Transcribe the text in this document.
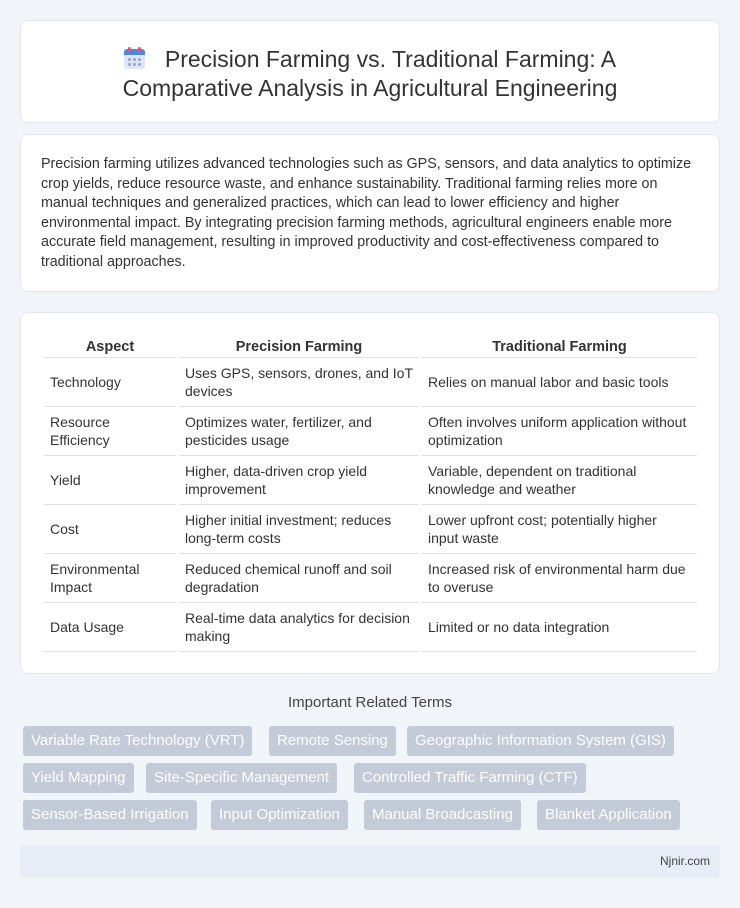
Precision Farming vs. Traditional Farming: A
Comparative Analysis in Agricultural Engineering

Precision farming utilizes advanced technologies such as GPS, sensors, and data analytics to optimize crop yields, reduce resource waste, and enhance sustainability. Traditional farming relies more on manual techniques and generalized practices, which can lead to lower efficiency and higher environmental impact. By integrating precision farming methods, agricultural engineers enable more accurate field management, resulting in improved productivity and cost-effectiveness compared to traditional approaches.

Aspect	Precision Farming	Traditional Farming
Technology	Uses GPS, sensors, drones, and IoT devices	Relies on manual labor and basic tools
Resource Efficiency	Optimizes water, fertilizer, and pesticides usage	Often involves uniform application without optimization
Yield	Higher, data-driven crop yield improvement	Variable, dependent on traditional knowledge and weather
Cost	Higher initial investment; reduces long-term costs	Lower upfront cost; potentially higher input waste
Environmental Impact	Reduced chemical runoff and soil degradation	Increased risk of environmental harm due to overuse
Data Usage	Real-time data analytics for decision making	Limited or no data integration
Important Related Terms
Variable Rate Technology (VRT)	Remote Sensing	Geographic Information System (GIS)
Yield Mapping	Site-Specific Management	Controlled Traffic Farming (CTF)
Sensor-Based Irrigation	Input Optimization	Manual Broadcasting	Blanket Application
Njnir.com
